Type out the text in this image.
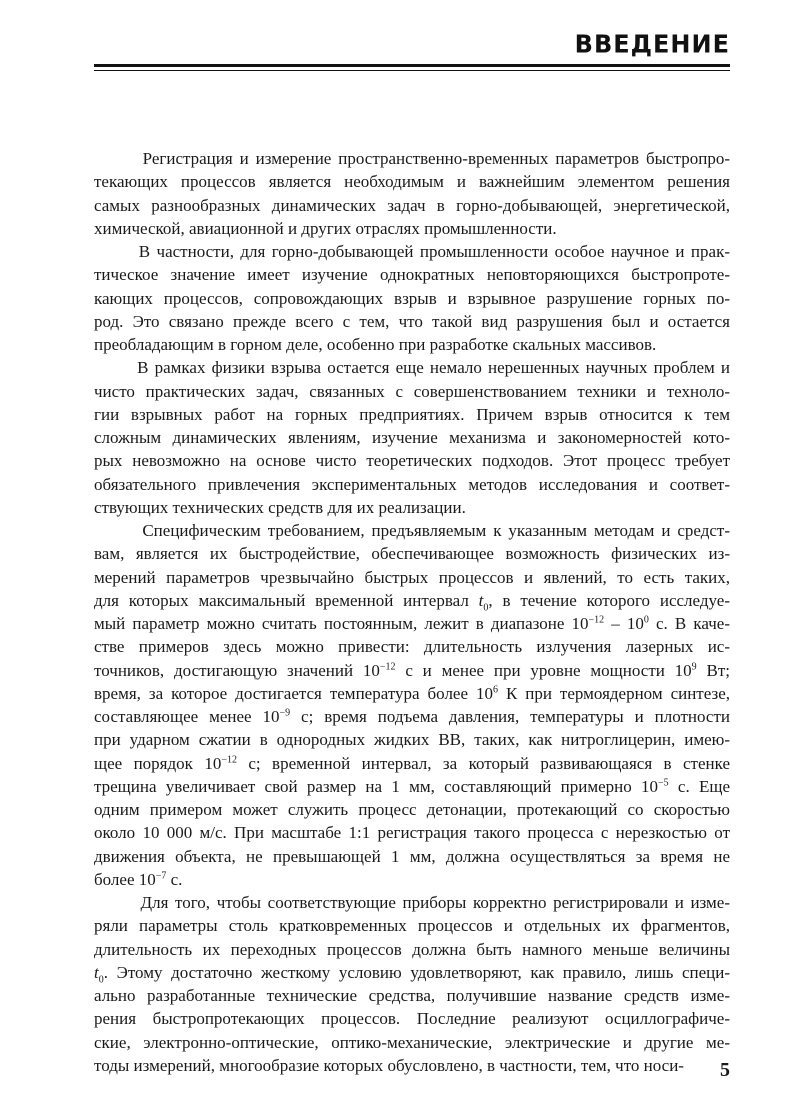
ВВЕДЕНИЕ
Регистрация и измерение пространственно-временных параметров быстропро-
текающих процессов является необходимым и важнейшим элементом решения
самых разнообразных динамических задач в горно-добывающей, энергетической,
химической, авиационной и других отраслях промышленности.
В частности, для горно-добывающей промышленности особое научное и прак-
тическое значение имеет изучение однократных неповторяющихся быстропроте-
кающих процессов, сопровождающих взрыв и взрывное разрушение горных по-
род. Это связано прежде всего с тем, что такой вид разрушения был и остается
преобладающим в горном деле, особенно при разработке скальных массивов.
В рамках физики взрыва остается еще немало нерешенных научных проблем и
чисто практических задач, связанных с совершенствованием техники и техноло-
гии взрывных работ на горных предприятиях. Причем взрыв относится к тем
сложным динамических явлениям, изучение механизма и закономерностей кото-
рых невозможно на основе чисто теоретических подходов. Этот процесс требует
обязательного привлечения экспериментальных методов исследования и соответ-
ствующих технических средств для их реализации.
Специфическим требованием, предъявляемым к указанным методам и средст-
вам, является их быстродействие, обеспечивающее возможность физических из-
мерений параметров чрезвычайно быстрых процессов и явлений, то есть таких,
для которых максимальный временной интервал $t_0$, в течение которого исследуе-
мый параметр можно считать постоянным, лежит в диапазоне $10^{-12} - 10^0$ с. В каче-
стве примеров здесь можно привести: длительность излучения лазерных ис-
точников, достигающую значений $10^{-12}$ с и менее при уровне мощности $10^9$ Вт;
время, за которое достигается температура более $10^6$ К при термоядерном синтезе,
составляющее менее $10^{-9}$ с; время подъема давления, температуры и плотности
при ударном сжатии в однородных жидких ВВ, таких, как нитроглицерин, имею-
щее порядок $10^{-12}$ с; временной интервал, за который развивающаяся в стенке
трещина увеличивает свой размер на 1 мм, составляющий примерно $10^{-5}$ с. Еще
одним примером может служить процесс детонации, протекающий со скоростью
около 10 000 м/с. При масштабе 1:1 регистрация такого процесса с нерезкостью от
движения объекта, не превышающей 1 мм, должна осуществляться за время не
более $10^{-7}$ с.
Для того, чтобы соответствующие приборы корректно регистрировали и изме-
ряли параметры столь кратковременных процессов и отдельных их фрагментов,
длительность их переходных процессов должна быть намного меньше величины
$t_0$. Этому достаточно жесткому условию удовлетворяют, как правило, лишь специ-
ально разработанные технические средства, получившие название средств изме-
рения быстропротекающих процессов. Последние реализуют осциллографиче-
ские, электронно-оптические, оптико-механические, электрические и другие ме-
тоды измерений, многообразие которых обусловлено, в частности, тем, что носи-	5
